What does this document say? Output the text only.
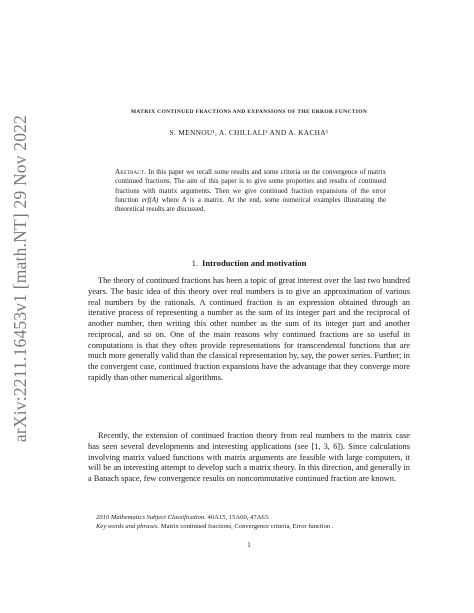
arXiv:2211.16453v1 [math.NT] 29 Nov 2022
MATRIX CONTINUED FRACTIONS AND EXPANSIONS OF THE ERROR FUNCTION
S. MENNOU¹, A. CHILLALI² AND A. KACHA¹
Abstract. In this paper we recall some results and some criteria on the convergence of matrix continued fractions. The aim of this paper is to give some properties and results of continued fractions with matrix arguments. Then we give continued fraction expansions of the error function erf(A) where A is a matrix. At the end, some numerical examples illustrating the theoretical results are discussed.
1. Introduction and motivation
The theory of continued fractions has been a topic of great interest over the last two hundred years. The basic idea of this theory over real numbers is to give an approximation of various real numbers by the rationals. A continued fraction is an expression obtained through an iterative process of representing a number as the sum of its integer part and the reciprocal of another number, then writing this other number as the sum of its integer part and another reciprocal, and so on. One of the main reasons why continued fractions are so useful in computations is that they often provide representations for transcendental functions that are much more generally valid than the classical representation by, say, the power series. Further; in the convergent case, continued fraction expansions have the advantage that they converge more rapidly than other numerical algorithms.
Recently, the extension of continued fraction theory from real numbers to the matrix case has seen several developments and interesting applications (see [1, 3, 6]). Since calculations involving matrix valued functions with matrix arguments are feasible with large computers, it will be an interesting attempt to develop such a matrix theory. In this direction, and generally in a Banach space, few convergence results on noncommutative continued fraction are known.
2010 Mathematics Subject Classification. 40A15, 15A60, 47A63.
Key words and phrases. Matrix continued fractions, Convergence criteria, Error function .
1
